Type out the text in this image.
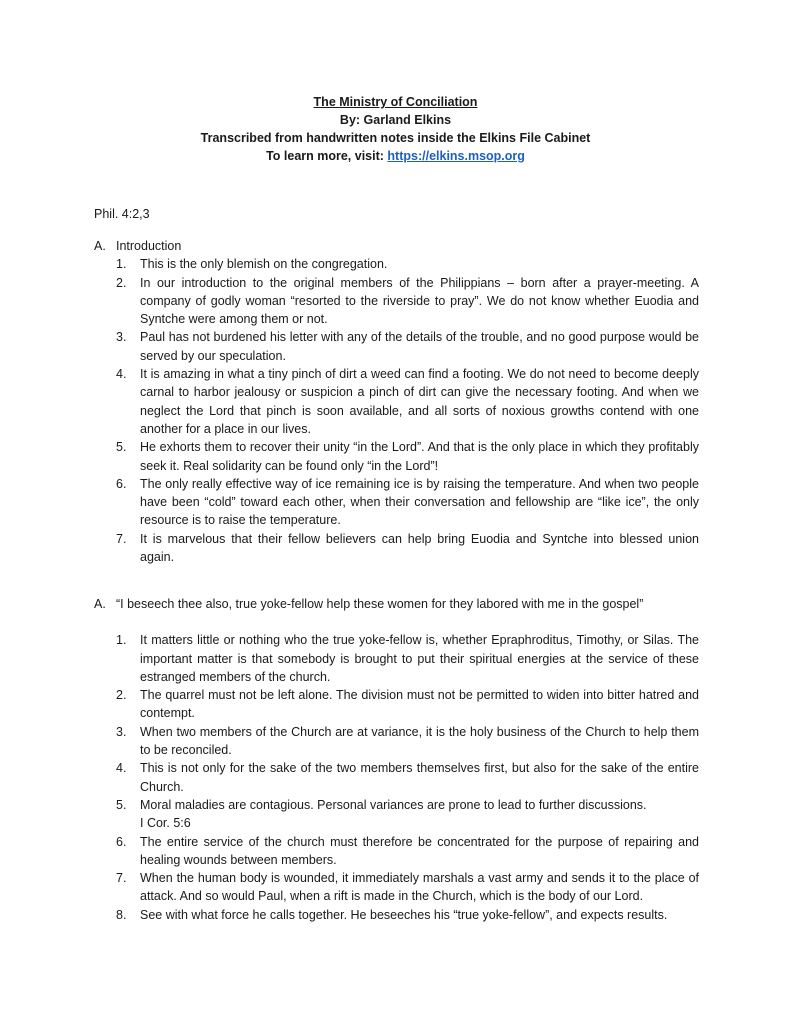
The Ministry of Conciliation
By: Garland Elkins
Transcribed from handwritten notes inside the Elkins File Cabinet
To learn more, visit: https://elkins.msop.org
Phil. 4:2,3
A. Introduction
1.	This is the only blemish on the congregation.
2.	In our introduction to the original members of the Philippians – born after a prayer-meeting. A company of godly woman “resorted to the riverside to pray”. We do not know whether Euodia and Syntche were among them or not.
3.	Paul has not burdened his letter with any of the details of the trouble, and no good purpose would be served by our speculation.
4.	It is amazing in what a tiny pinch of dirt a weed can find a footing. We do not need to become deeply carnal to harbor jealousy or suspicion a pinch of dirt can give the necessary footing. And when we neglect the Lord that pinch is soon available, and all sorts of noxious growths contend with one another for a place in our lives.
5.	He exhorts them to recover their unity “in the Lord”. And that is the only place in which they profitably seek it. Real solidarity can be found only “in the Lord”!
6.	The only really effective way of ice remaining ice is by raising the temperature. And when two people have been “cold” toward each other, when their conversation and fellowship are “like ice”, the only resource is to raise the temperature.
7.	It is marvelous that their fellow believers can help bring Euodia and Syntche into blessed union again.
A. “I beseech thee also, true yoke-fellow help these women for they labored with me in the gospel”
1.	It matters little or nothing who the true yoke-fellow is, whether Epraphroditus, Timothy, or Silas. The important matter is that somebody is brought to put their spiritual energies at the service of these estranged members of the church.
2.	The quarrel must not be left alone. The division must not be permitted to widen into bitter hatred and contempt.
3.	When two members of the Church are at variance, it is the holy business of the Church to help them to be reconciled.
4.	This is not only for the sake of the two members themselves first, but also for the sake of the entire Church.
5.	Moral maladies are contagious. Personal variances are prone to lead to further discussions.
I Cor. 5:6
6.	The entire service of the church must therefore be concentrated for the purpose of repairing and healing wounds between members.
7.	When the human body is wounded, it immediately marshals a vast army and sends it to the place of attack. And so would Paul, when a rift is made in the Church, which is the body of our Lord.
8.	See with what force he calls together. He beseeches his “true yoke-fellow”, and expects results.
